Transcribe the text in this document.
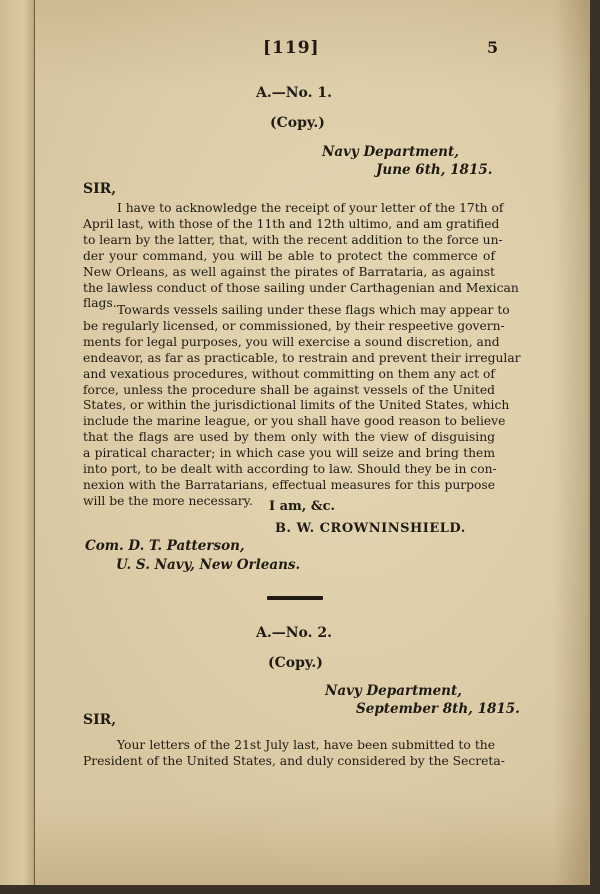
[119]	5
A.—No. 1.
(Copy.)
Navy Department,
June 6th, 1815.
SIR,
I have to acknowledge the receipt of your letter of the 17th of
April last, with those of the 11th and 12th ultimo, and am gratified
to learn by the latter, that, with the recent addition to the force un-
der your command, you will be able to protect the commerce of
New Orleans, as well against the pirates of Barrataria, as against
the lawless conduct of those sailing under Carthagenian and Mexican
flags. Towards vessels sailing under these flags which may appear to
be regularly licensed, or commissioned, by their respeetive govern-
ments for legal purposes, you will exercise a sound discretion, and
endeavor, as far as practicable, to restrain and prevent their irregular
and vexatious procedures, without committing on them any act of
force, unless the procedure shall be against vessels of the United
States, or within the jurisdictional limits of the United States, which
include the marine league, or you shall have good reason to believe
that the flags are used by them only with the view of disguising
a piratical character; in which case you will seize and bring them
into port, to be dealt with according to law. Should they be in con-
nexion with the Barratarians, effectual measures for this purpose
will be the more necessary.	I am, &c.
B. W. CROWNINSHIELD.
Com. D. T. Patterson,
U. S. Navy, New Orleans.
A.—No. 2.
(Copy.)
Navy Department,
September 8th, 1815.
SIR,
Your letters of the 21st July last, have been submitted to the
President of the United States, and duly considered by the Secreta-
